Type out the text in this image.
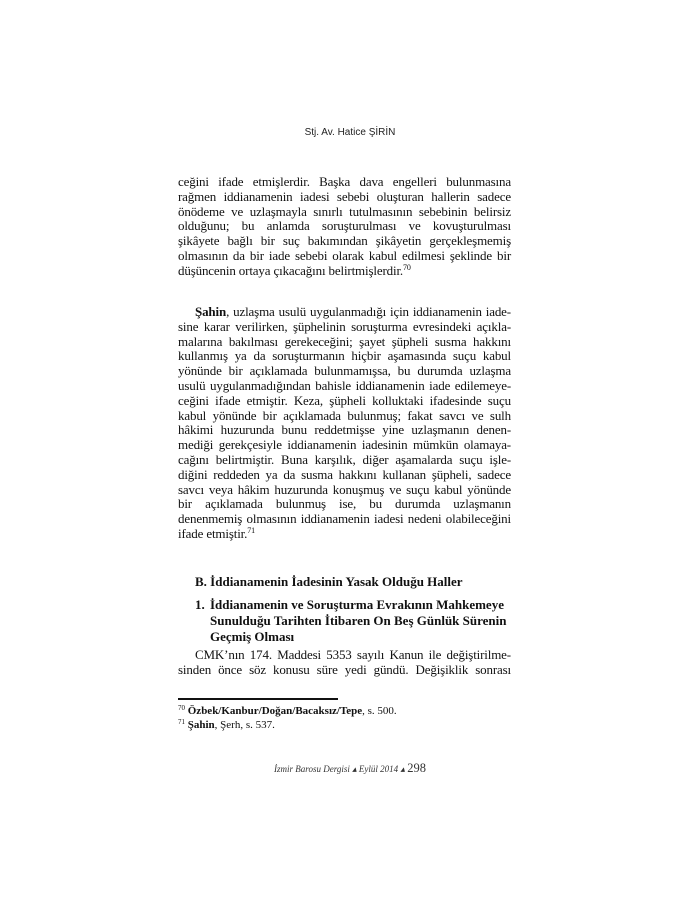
Stj. Av. Hatice ŞİRİN
ceğini ifade etmişlerdir. Başka dava engelleri bulunmasına
rağmen iddianamenin iadesi sebebi oluşturan hallerin sadece
önödeme ve uzlaşmayla sınırlı tutulmasının sebebinin belirsiz
olduğunu; bu anlamda soruşturulması ve kovuşturulması
şikâyete bağlı bir suç bakımından şikâyetin gerçekleşmemiş
olmasının da bir iade sebebi olarak kabul edilmesi şeklinde bir
düşüncenin ortaya çıkacağını belirtmişlerdir.$^{70}$
Şahin, uzlaşma usulü uygulanmadığı için iddianamenin iade-
sine karar verilirken, şüphelinin soruşturma evresindeki açıkla-
malarına bakılması gerekeceğini; şayet şüpheli susma hakkını
kullanmış ya da soruşturmanın hiçbir aşamasında suçu kabul
yönünde bir açıklamada bulunmamışsa, bu durumda uzlaşma
usulü uygulanmadığından bahisle iddianamenin iade edilemeye-
ceğini ifade etmiştir. Keza, şüpheli kolluktaki ifadesinde suçu
kabul yönünde bir açıklamada bulunmuş; fakat savcı ve sulh
hâkimi huzurunda bunu reddetmişse yine uzlaşmanın denen-
mediği gerekçesiyle iddianamenin iadesinin mümkün olamaya-
cağını belirtmiştir. Buna karşılık, diğer aşamalarda suçu işle-
diğini reddeden ya da susma hakkını kullanan şüpheli, sadece
savcı veya hâkim huzurunda konuşmuş ve suçu kabul yönünde
bir açıklamada bulunmuş ise, bu durumda uzlaşmanın
denenmemiş olmasının iddianamenin iadesi nedeni olabileceğini
ifade etmiştir.$^{71}$
B. İddianamenin İadesinin Yasak Olduğu Haller
1. İddianamenin ve Soruşturma Evrakının Mahkemeye
Sunulduğu Tarihten İtibaren On Beş Günlük Sürenin
Geçmiş Olması
CMK’nın 174. Maddesi 5353 sayılı Kanun ile değiştirilme-
sinden önce söz konusu süre yedi gündü. Değişiklik sonrası
$^{70}$ Özbek/Kanbur/Doğan/Bacaksız/Tepe, s. 500.
$^{71}$ Şahin, Şerh, s. 537.
İzmir Barosu Dergisi ▴ Eylül 2014 ▴ 298
